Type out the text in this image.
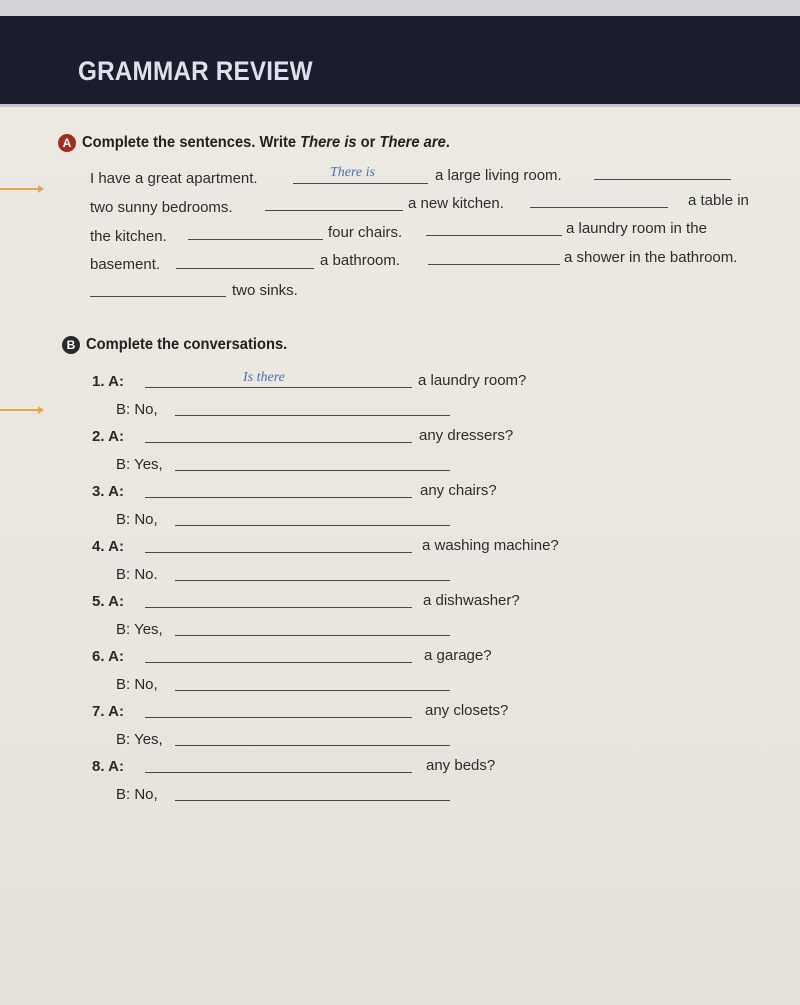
GRAMMAR REVIEW
A Complete the sentences. Write There is or There are.
I have a great apartment.	There is	a large living room.
two sunny bedrooms.	a new kitchen.	a table in
the kitchen.	four chairs.	a laundry room in the
basement.	a bathroom.	a shower in the bathroom.
two sinks.
B Complete the conversations.
1. A:	Is there	a laundry room?
B: No,
2. A:	any dressers?
B: Yes,
3. A:	any chairs?
B: No,
4. A:	a washing machine?
B: No.
5. A:	a dishwasher?
B: Yes,
6. A:	a garage?
B: No,
7. A:	any closets?
B: Yes,
8. A:	any beds?
B: No,
